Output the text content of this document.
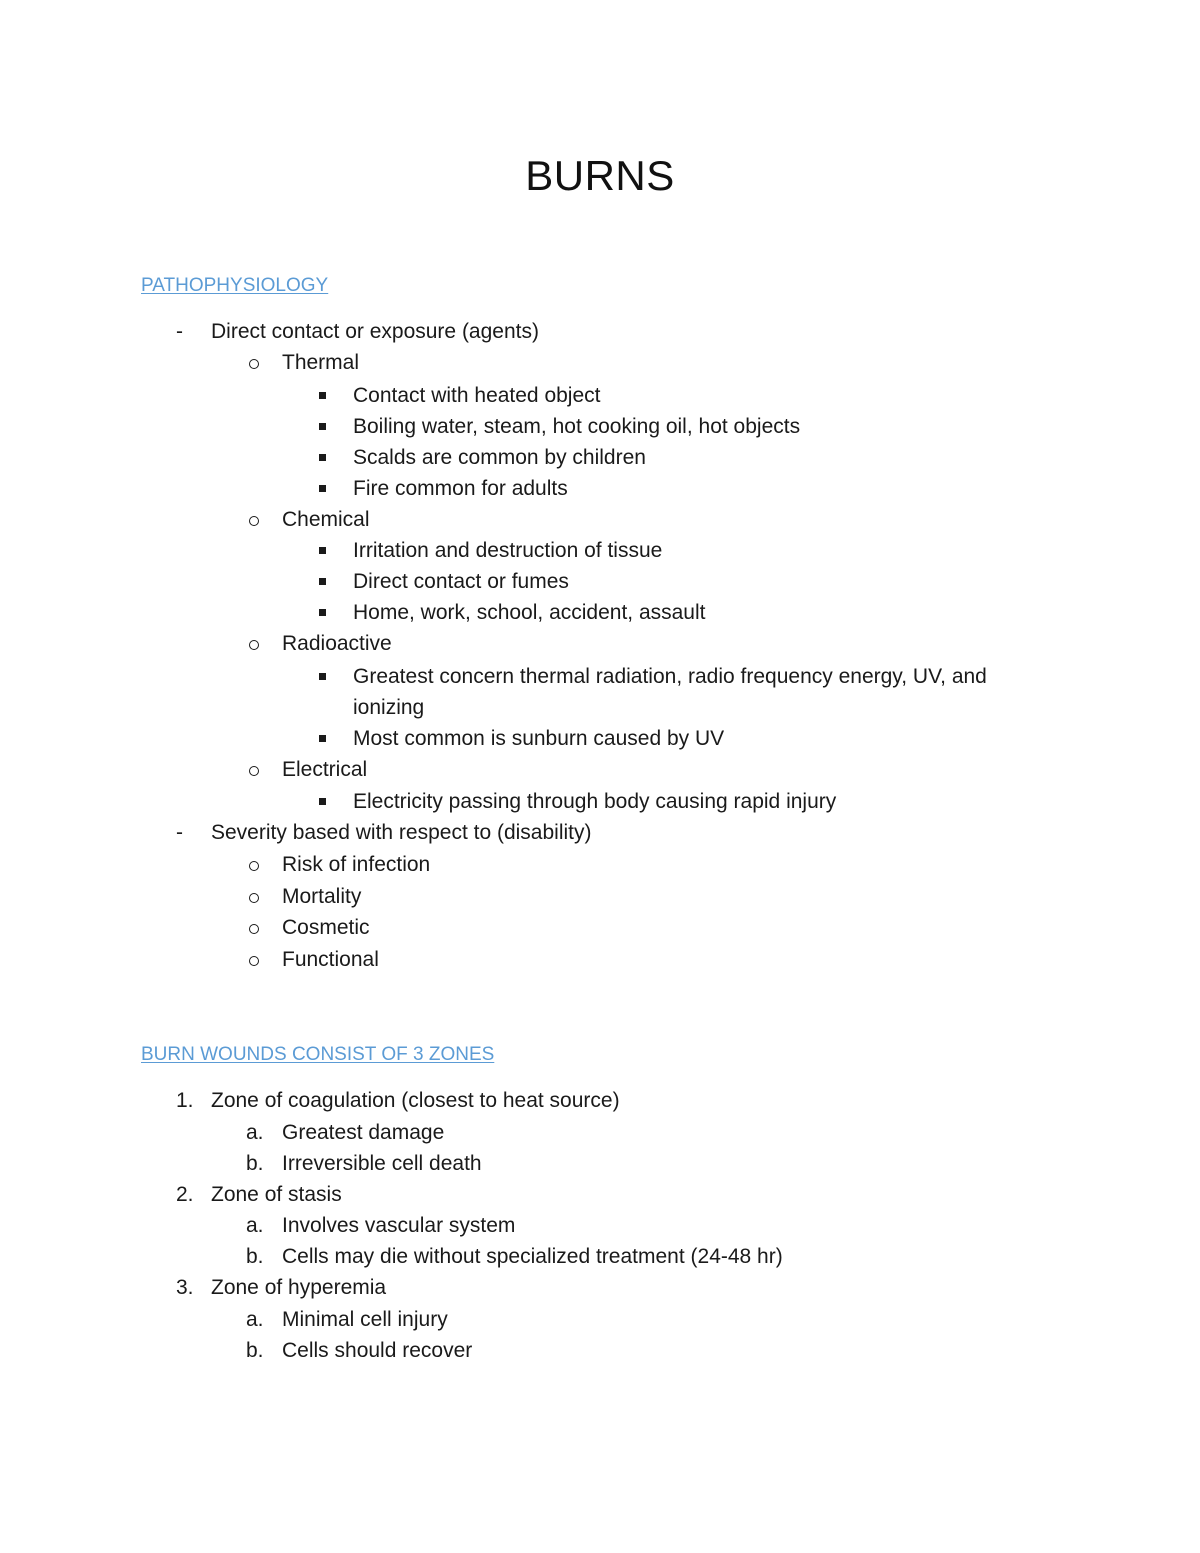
BURNS
PATHOPHYSIOLOGY
- Direct contact or exposure (agents)
Thermal
Contact with heated object
Boiling water, steam, hot cooking oil, hot objects
Scalds are common by children
Fire common for adults
Chemical
Irritation and destruction of tissue
Direct contact or fumes
Home, work, school, accident, assault
Radioactive
Greatest concern thermal radiation, radio frequency energy, UV, and
ionizing
Most common is sunburn caused by UV
Electrical
Electricity passing through body causing rapid injury
- Severity based with respect to (disability)
Risk of infection
Mortality
Cosmetic
Functional
BURN WOUNDS CONSIST OF 3 ZONES
1. Zone of coagulation (closest to heat source)
a. Greatest damage
b. Irreversible cell death
2. Zone of stasis
a. Involves vascular system
b. Cells may die without specialized treatment (24-48 hr)
3. Zone of hyperemia
a. Minimal cell injury
b. Cells should recover
